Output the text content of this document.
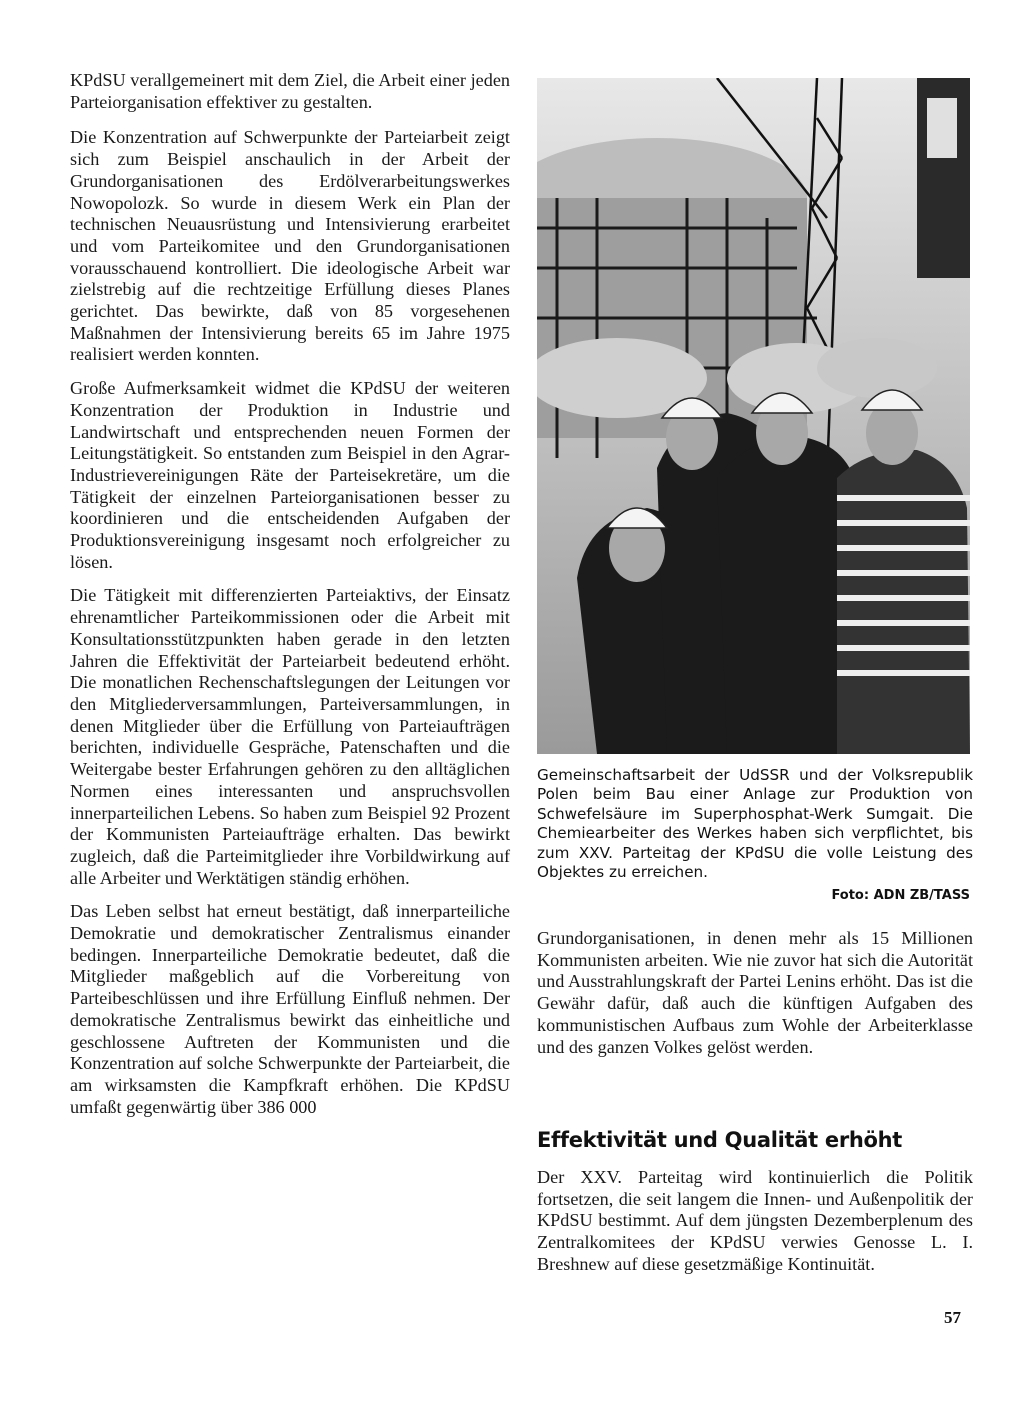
KPdSU verallgemeinert mit dem Ziel, die Arbeit einer jeden Parteiorganisation effektiver zu gestalten.

Die Konzentration auf Schwerpunkte der Parteiarbeit zeigt sich zum Beispiel anschaulich in der Arbeit der Grundorganisationen des Erdölverarbeitungswerkes Nowopolozk. So wurde in diesem Werk ein Plan der technischen Neuausrüstung und Intensivierung erarbeitet und vom Parteikomitee und den Grundorganisationen vorausschauend kontrolliert. Die ideologische Arbeit war zielstrebig auf die rechtzeitige Erfüllung dieses Planes gerichtet. Das bewirkte, daß von 85 vorgesehenen Maßnahmen der Intensivierung bereits 65 im Jahre 1975 realisiert werden konnten.

Große Aufmerksamkeit widmet die KPdSU der weiteren Konzentration der Produktion in Industrie und Landwirtschaft und entsprechenden neuen Formen der Leitungstätigkeit. So entstanden zum Beispiel in den Agrar-Industrievereinigungen Räte der Parteisekretäre, um die Tätigkeit der einzelnen Parteiorganisationen besser zu koordinieren und die entscheidenden Aufgaben der Produktionsvereinigung insgesamt noch erfolgreicher zu lösen.

Die Tätigkeit mit differenzierten Parteiaktivs, der Einsatz ehrenamtlicher Parteikommissionen oder die Arbeit mit Konsultationsstützpunkten haben gerade in den letzten Jahren die Effektivität der Parteiarbeit bedeutend erhöht. Die monatlichen Rechenschaftslegungen der Leitungen vor den Mitgliederversammlungen, Parteiversammlungen, in denen Mitglieder über die Erfüllung von Parteiaufträgen berichten, individuelle Gespräche, Patenschaften und die Weitergabe bester Erfahrungen gehören zu den alltäglichen Normen eines interessanten und anspruchsvollen innerparteilichen Lebens. So haben zum Beispiel 92 Prozent der Kommunisten Parteiaufträge erhalten. Das bewirkt zugleich, daß die Parteimitglieder ihre Vorbildwirkung auf alle Arbeiter und Werktätigen ständig erhöhen.

Das Leben selbst hat erneut bestätigt, daß innerparteiliche Demokratie und demokratischer Zentralismus einander bedingen. Innerparteiliche Demokratie bedeutet, daß die Mitglieder maßgeblich auf die Vorbereitung von Parteibeschlüssen und ihre Erfüllung Einfluß nehmen. Der demokratische Zentralismus bewirkt das einheitliche und geschlossene Auftreten der Kommunisten und die Konzentration auf solche Schwerpunkte der Parteiarbeit, die am wirksamsten die Kampfkraft erhöhen. Die KPdSU umfaßt gegenwärtig über 386 000

Gemeinschaftsarbeit der UdSSR und der Volksrepublik Polen beim Bau einer Anlage zur Produktion von Schwefelsäure im Superphosphat-Werk Sumgait. Die Chemiearbeiter des Werkes haben sich verpflichtet, bis zum XXV. Parteitag der KPdSU die volle Leistung des Objektes zu erreichen.
Foto: ADN ZB/TASS

Grundorganisationen, in denen mehr als 15 Millionen Kommunisten arbeiten. Wie nie zuvor hat sich die Autorität und Ausstrahlungskraft der Partei Lenins erhöht. Das ist die Gewähr dafür, daß auch die künftigen Aufgaben des kommunistischen Aufbaus zum Wohle der Arbeiterklasse und des ganzen Volkes gelöst werden.

Effektivität und Qualität erhöht

Der XXV. Parteitag wird kontinuierlich die Politik fortsetzen, die seit langem die Innen- und Außenpolitik der KPdSU bestimmt. Auf dem jüngsten Dezemberplenum des Zentralkomitees der KPdSU verwies Genosse L. I. Breshnew auf diese gesetzmäßige Kontinuität.

57
